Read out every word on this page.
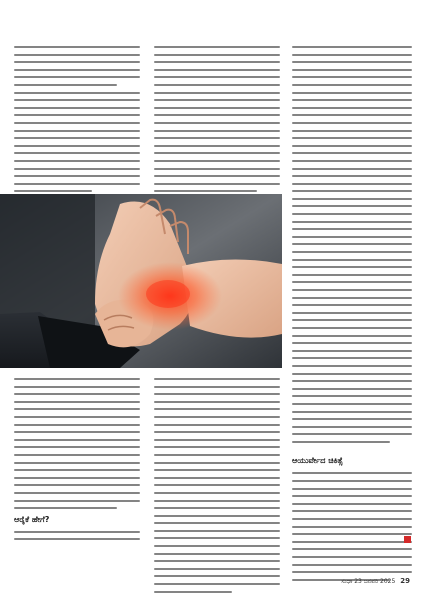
ಆರೈಕೆ ಹೇಗೆ?
ಆಯುರ್ವೇದ ಚಿಕಿತ್ಸೆ
ಸುಧಾ 23 ಜನವರಿ 2025 29
